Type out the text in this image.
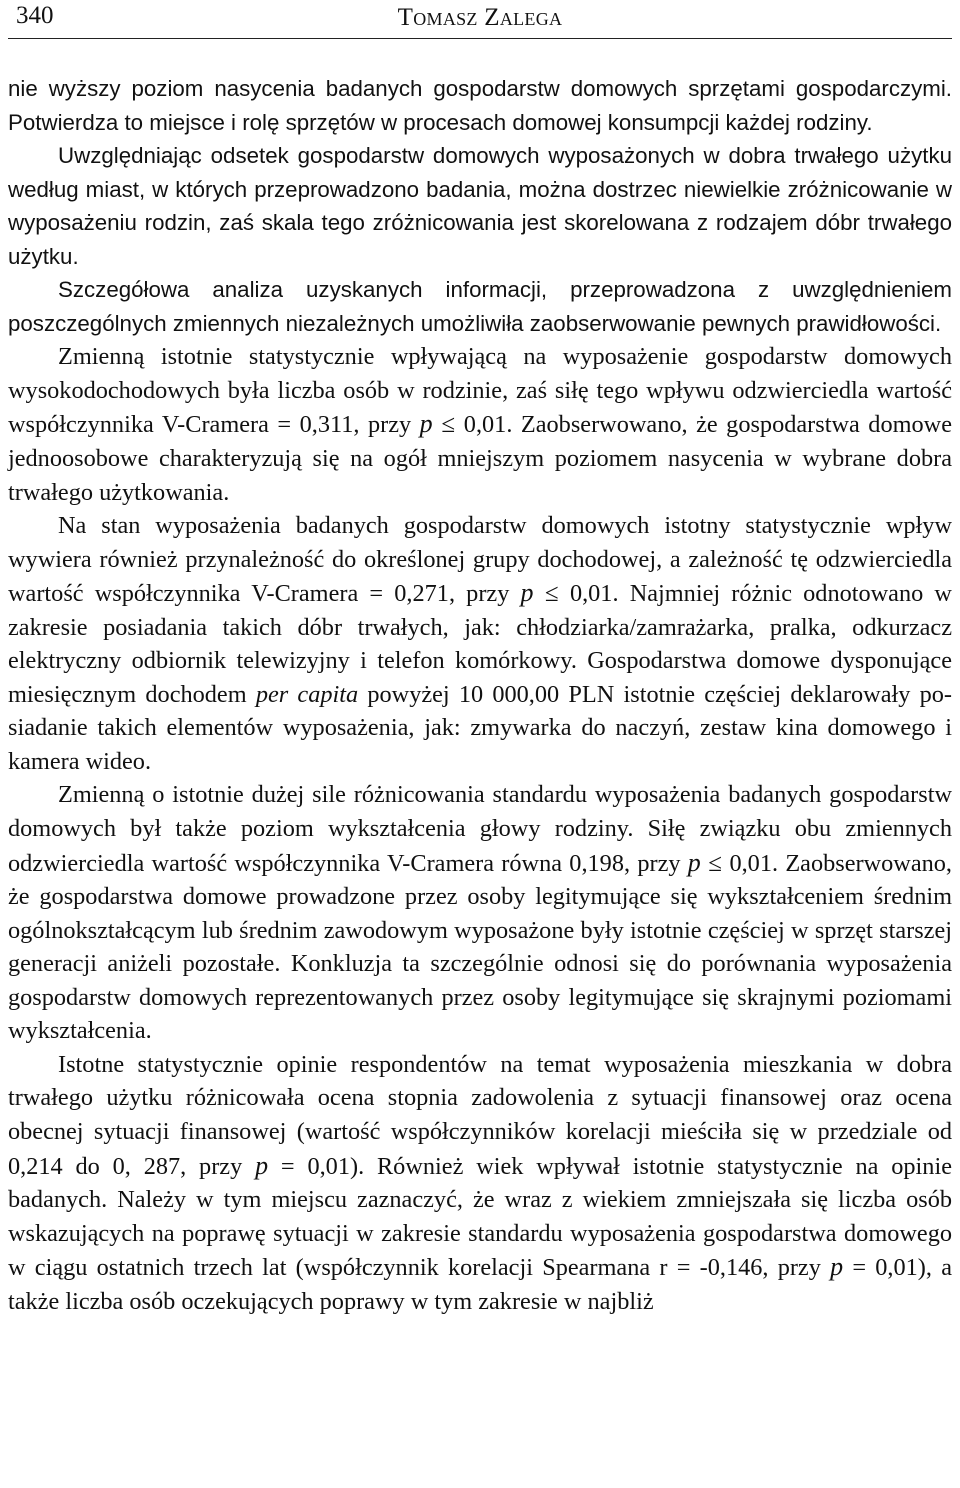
340	Tomasz Zalega

nie wyższy poziom nasycenia badanych gospodarstw domowych sprzętami gospodarczymi. Potwierdza to miejsce i rolę sprzętów w procesach domowej konsumpcji każdej rodziny.

Uwzględniając odsetek gospodarstw domowych wyposażonych w dobra trwałego użytku według miast, w których przeprowadzono badania, można dostrzec niewielkie zróżnicowanie w wyposażeniu rodzin, zaś skala tego zróżnicowania jest skorelowana z rodzajem dóbr trwałego użytku.

Szczegółowa analiza uzyskanych informacji, przeprowadzona z uwzględnieniem poszczególnych zmiennych niezależnych umożliwiła zaobserwowanie pewnych prawidłowości.

Zmienną istotnie statystycznie wpływającą na wyposażenie gospodarstw domowych wysokodochodowych była liczba osób w rodzinie, zaś siłę tego wpływu odzwierciedla wartość współczynnika V-Cramera = 0,311, przy p ≤ 0,01. Zaobserwowano, że gospodarstwa domowe jednoosobowe charakteryzują się na ogół mniejszym poziomem nasycenia w wybrane dobra trwałego użytkowania.

Na stan wyposażenia badanych gospodarstw domowych istotny statystycznie wpływ wywiera również przynależność do określonej grupy dochodowej, a zależność tę odzwierciedla wartość współczynnika V-Cramera = 0,271, przy p ≤ 0,01. Najmniej różnic odnotowano w zakresie posiadania takich dóbr trwałych, jak: chłodziarka/zamrażarka, pralka, odkurzacz elektryczny odbiornik telewizyjny i telefon komórkowy. Gospodarstwa domowe dysponujące miesięcznym dochodem per capita powyżej 10 000,00 PLN istotnie częściej deklarowały posiadanie takich elementów wyposażenia, jak: zmywarka do naczyń, zestaw kina domowego i kamera wideo.

Zmienną o istotnie dużej sile różnicowania standardu wyposażenia badanych gospodarstw domowych był także poziom wykształcenia głowy rodziny. Siłę związku obu zmiennych odzwierciedla wartość współczynnika V-Cramera równa 0,198, przy p ≤ 0,01. Zaobserwowano, że gospodarstwa domowe prowadzone przez osoby legitymujące się wykształceniem średnim ogólnokształcącym lub średnim zawodowym wyposażone były istotnie częściej w sprzęt starszej generacji aniżeli pozostałe. Konkluzja ta szczególnie odnosi się do porównania wyposażenia gospodarstw domowych reprezentowanych przez osoby legitymujące się skrajnymi poziomami wykształcenia.

Istotne statystycznie opinie respondentów na temat wyposażenia mieszkania w dobra trwałego użytku różnicowała ocena stopnia zadowolenia z sytuacji finansowej oraz ocena obecnej sytuacji finansowej (wartość współczynników korelacji mieściła się w przedziale od 0,214 do 0, 287, przy p = 0,01). Również wiek wpływał istotnie statystycznie na opinie badanych. Należy w tym miejscu zaznaczyć, że wraz z wiekiem zmniejszała się liczba osób wskazujących na poprawę sytuacji w zakresie standardu wyposażenia gospodarstwa domowego w ciągu ostatnich trzech lat (współczynnik korelacji Spearmana r = -0,146, przy p = 0,01), a także liczba osób oczekujących poprawy w tym zakresie w najbliż
